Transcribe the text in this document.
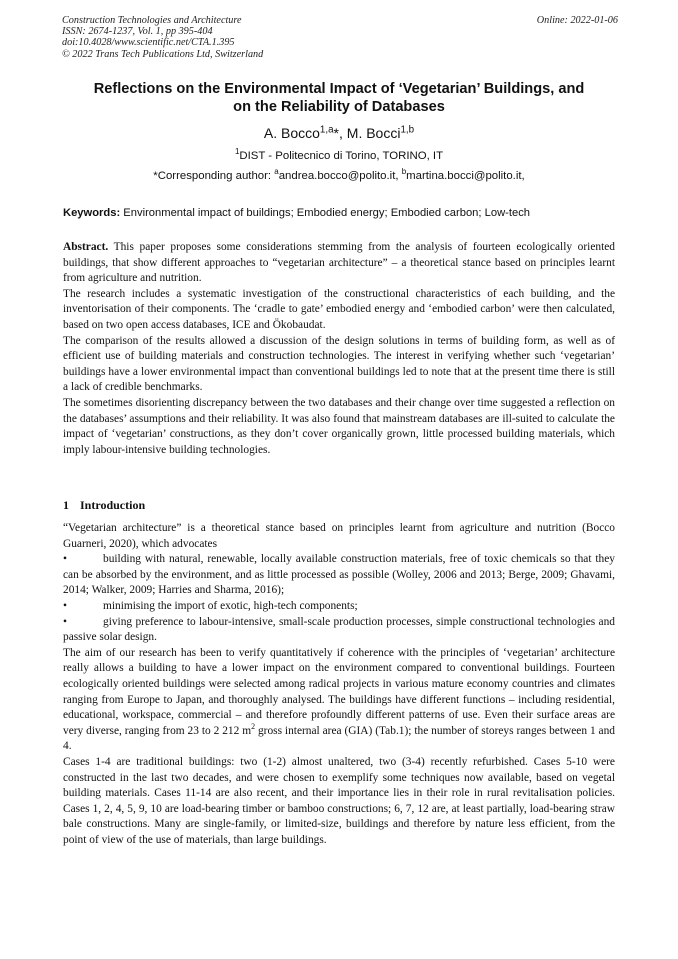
Construction Technologies and Architecture
ISSN: 2674-1237, Vol. 1, pp 395-404
doi:10.4028/www.scientific.net/CTA.1.395
© 2022 Trans Tech Publications Ltd, Switzerland
Online: 2022-01-06
Reflections on the Environmental Impact of ‘Vegetarian’ Buildings, and
on the Reliability of Databases
A. Bocco$^{1,a}$*, M. Bocci$^{1,b}$
$^1$DIST - Politecnico di Torino, TORINO, IT
*Corresponding author: $^a$andrea.bocco@polito.it, $^b$martina.bocci@polito.it,
Keywords: Environmental impact of buildings; Embodied energy; Embodied carbon; Low-tech

Abstract. This paper proposes some considerations stemming from the analysis of fourteen ecologically oriented buildings, that show different approaches to “vegetarian architecture” – a theoretical stance based on principles learnt from agriculture and nutrition.

The research includes a systematic investigation of the constructional characteristics of each building, and the inventorisation of their components. The ‘cradle to gate’ embodied energy and ‘embodied carbon’ were then calculated, based on two open access databases, ICE and Ökobaudat.

The comparison of the results allowed a discussion of the design solutions in terms of building form, as well as of efficient use of building materials and construction technologies. The interest in verifying whether such ‘vegetarian’ buildings have a lower environmental impact than conventional buildings led to note that at the present time there is still a lack of credible benchmarks.

The sometimes disorienting discrepancy between the two databases and their change over time suggested a reflection on the databases’ assumptions and their reliability. It was also found that mainstream databases are ill-suited to calculate the impact of ‘vegetarian’ constructions, as they don’t cover organically grown, little processed building materials, which imply labour-intensive building technologies.

1 Introduction

“Vegetarian architecture” is a theoretical stance based on principles learnt from agriculture and nutrition (Bocco Guarneri, 2020), which advocates

•	building with natural, renewable, locally available construction materials, free of toxic chemicals so that they can be absorbed by the environment, and as little processed as possible (Wolley, 2006 and 2013; Berge, 2009; Ghavami, 2014; Walker, 2009; Harries and Sharma, 2016);

•	minimising the import of exotic, high-tech components;

•	giving preference to labour-intensive, small-scale production processes, simple constructional technologies and passive solar design.

The aim of our research has been to verify quantitatively if coherence with the principles of ‘vegetarian’ architecture really allows a building to have a lower impact on the environment compared to conventional buildings. Fourteen ecologically oriented buildings were selected among radical projects in various mature economy countries and climates ranging from Europe to Japan, and thoroughly analysed. The buildings have different functions – including residential, educational, workspace, commercial – and therefore profoundly different patterns of use. Even their surface areas are very diverse, ranging from 23 to 2 212 $m^2$ gross internal area (GIA) (Tab.1); the number of storeys ranges between 1 and 4.

Cases 1-4 are traditional buildings: two (1-2) almost unaltered, two (3-4) recently refurbished. Cases 5-10 were constructed in the last two decades, and were chosen to exemplify some techniques now available, based on vegetal building materials. Cases 11-14 are also recent, and their importance lies in their role in rural revitalisation policies. Cases 1, 2, 4, 5, 9, 10 are load-bearing timber or bamboo constructions; 6, 7, 12 are, at least partially, load-bearing straw bale constructions. Many are single-family, or limited-size, buildings and therefore by nature less efficient, from the point of view of the use of materials, than large buildings.
